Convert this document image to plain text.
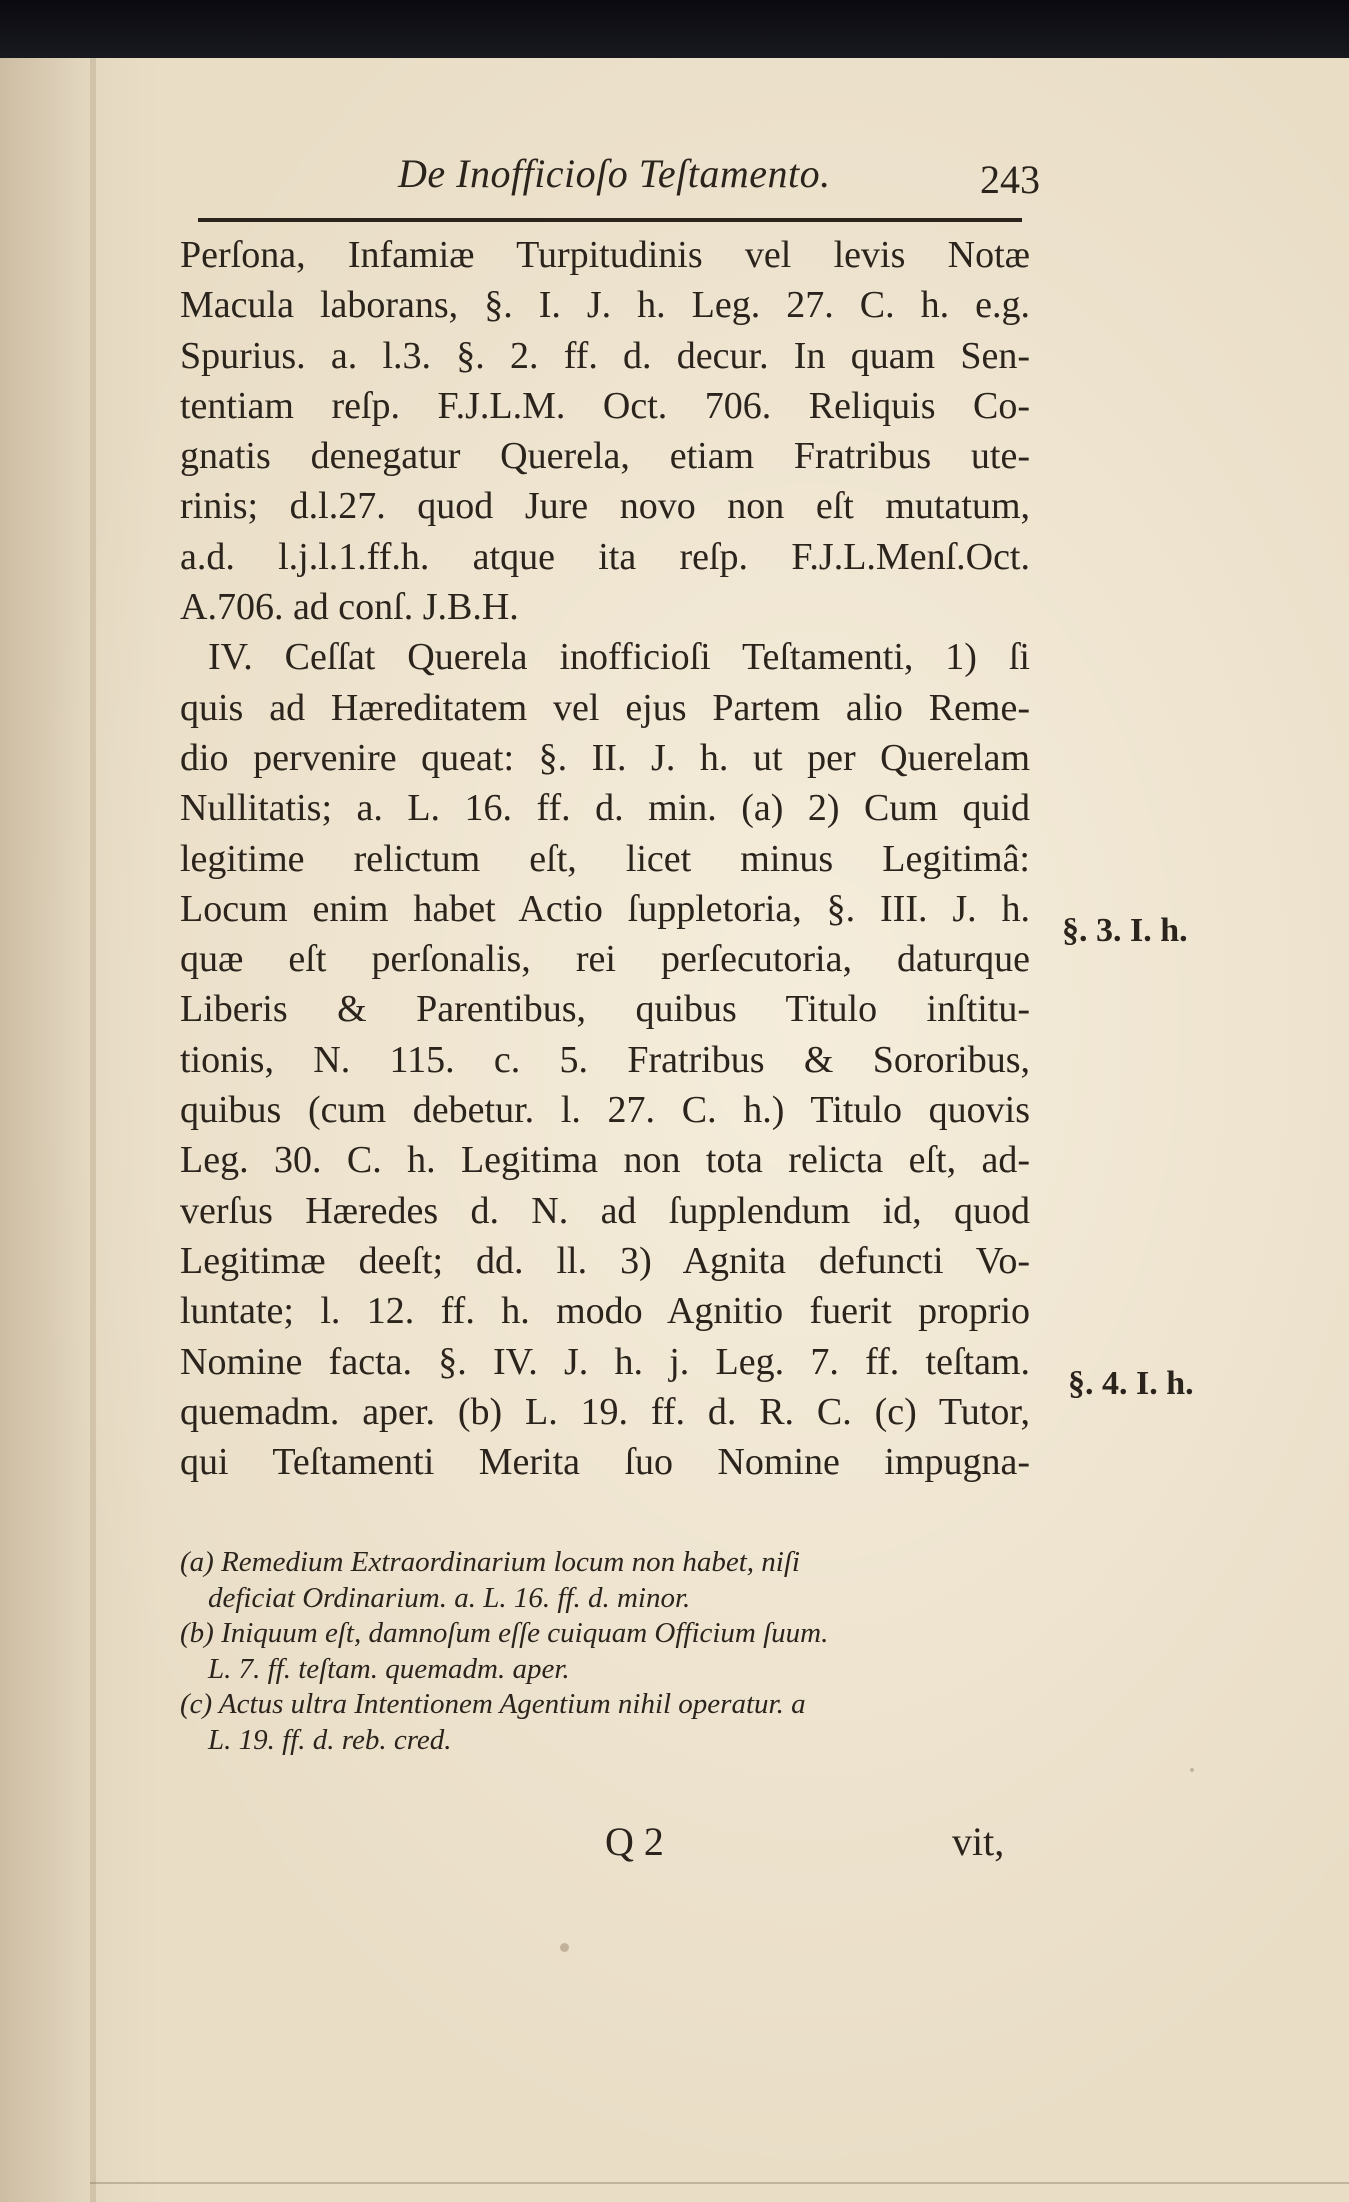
De Inofficioſo Teſtamento.	243
Perſona, Infamiæ Turpitudinis vel levis Notæ
Macula laborans, §. I. J. h. Leg. 27. C. h. e.g.
Spurius. a. l.3. §. 2. ff. d. decur. In quam Sen-
tentiam reſp. F.J.L.M. Oct. 706. Reliquis Co-
gnatis denegatur Querela, etiam Fratribus ute-
rinis; d.l.27. quod Jure novo non eſt mutatum,
a.d. l.j.l.1.ff.h. atque ita reſp. F.J.L.Menſ.Oct.
A.706. ad conſ. J.B.H.
IV. Ceſſat Querela inofficioſi Teſtamenti, 1) ſi
quis ad Hæreditatem vel ejus Partem alio Reme-
dio pervenire queat: §. II. J. h. ut per Querelam
Nullitatis; a. L. 16. ff. d. min. (a) 2) Cum quid
legitime relictum eſt, licet minus Legitimâ:
Locum enim habet Actio ſuppletoria, §. III. J. h.
quæ eſt perſonalis, rei perſecutoria, daturque
Liberis & Parentibus, quibus Titulo inſtitu-
tionis, N. 115. c. 5. Fratribus & Sororibus,
quibus (cum debetur. l. 27. C. h.) Titulo quovis
Leg. 30. C. h. Legitima non tota relicta eſt, ad-
verſus Hæredes d. N. ad ſupplendum id, quod
Legitimæ deeſt; dd. ll. 3) Agnita defuncti Vo-
luntate; l. 12. ff. h. modo Agnitio fuerit proprio
Nomine facta. §. IV. J. h. j. Leg. 7. ff. teſtam.
quemadm. aper. (b) L. 19. ff. d. R. C. (c) Tutor,
qui Teſtamenti Merita ſuo Nomine impugna-
§. 3. I. h.
§. 4. I. h.
(a) Remedium Extraordinarium locum non habet, niſi
deficiat Ordinarium. a. L. 16. ff. d. minor.
(b) Iniquum eſt, damnoſum eſſe cuiquam Officium ſuum.
L. 7. ff. teſtam. quemadm. aper.
(c) Actus ultra Intentionem Agentium nihil operatur. a
L. 19. ff. d. reb. cred.
Q 2	vit,
